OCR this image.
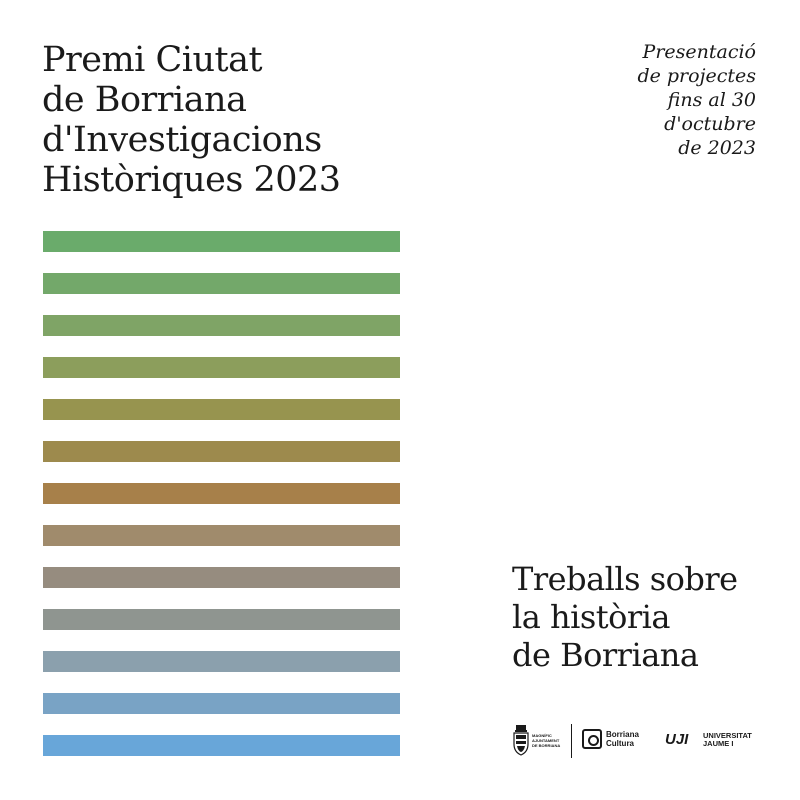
Premi Ciutat
de Borriana
d'Investigacions
Històriques 2023
Presentació
de projectes
fins al 30
d'octubre
de 2023
Treballs sobre
la història
de Borriana
MAGNÍFIC
AJUNTAMENT
DE BORRIANA
Borriana
Cultura	UJI UNIVERSITAT
JAUME I
